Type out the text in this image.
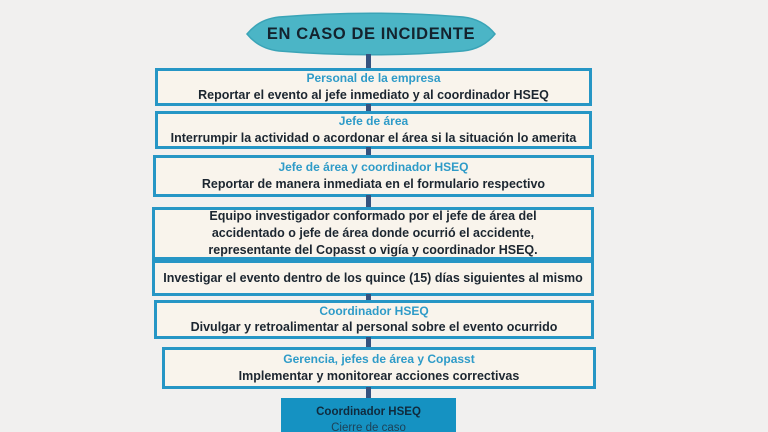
EN CASO DE INCIDENTE
Personal de la empresa
Reportar el evento al jefe inmediato y al coordinador HSEQ
Jefe de área
Interrumpir la actividad o acordonar el área si la situación lo amerita
Jefe de área y coordinador HSEQ
Reportar de manera inmediata en el formulario respectivo
Equipo investigador conformado por el jefe de área del accidentado o jefe de área donde ocurrió el accidente, representante del Copasst o vigía y coordinador HSEQ.
Investigar el evento dentro de los quince (15) días siguientes al mismo
Coordinador HSEQ
Divulgar y retroalimentar al personal sobre el evento ocurrido
Gerencia, jefes de área y Copasst
Implementar y monitorear acciones correctivas
Coordinador HSEQ
Cierre de caso
